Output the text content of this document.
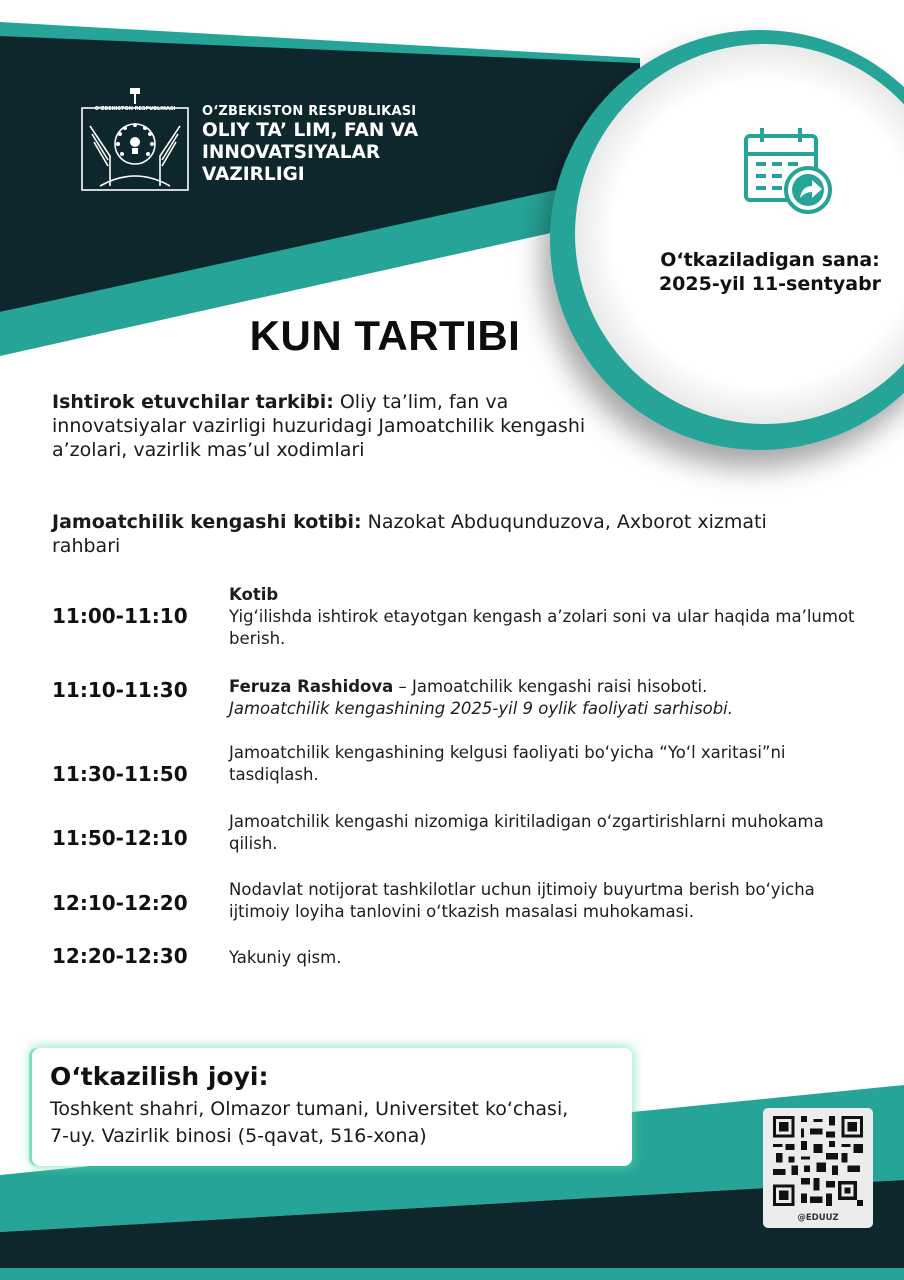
O‘ZBEKISTON RESPUBLIKASI O‘ZBEKISTON RESPUBLIKASI
OLIY TA’ LIM, FAN VA
INNOVATSIYALAR
VAZIRLIGI
O‘tkaziladigan sana:
2025-yil 11-sentyabr
KUN TARTIBI
Ishtirok etuvchilar tarkibi: Oliy ta’lim, fan va innovatsiyalar vazirligi huzuridagi Jamoatchilik kengashi a’zolari, vazirlik mas’ul xodimlari
Jamoatchilik kengashi kotibi: Nazokat Abduqunduzova, Axborot xizmati rahbari
11:00-11:10
Kotib
Yig‘ilishda ishtirok etayotgan kengash a’zolari soni va ular haqida ma’lumot berish.
11:10-11:30	Feruza Rashidova – Jamoatchilik kengashi raisi hisoboti.
Jamoatchilik kengashining 2025-yil 9 oylik faoliyati sarhisobi.
11:30-11:50
Jamoatchilik kengashining kelgusi faoliyati bo‘yicha “Yo‘l xaritasi”ni tasdiqlash.
11:50-12:10
Jamoatchilik kengashi nizomiga kiritiladigan o‘zgartirishlarni muhokama qilish.
12:10-12:20
Nodavlat notijorat tashkilotlar uchun ijtimoiy buyurtma berish bo‘yicha ijtimoiy loyiha tanlovini o‘tkazish masalasi muhokamasi.
12:20-12:30	Yakuniy qism.
O‘tkazilish joyi:
Toshkent shahri, Olmazor tumani, Universitet ko‘chasi,
7-uy. Vazirlik binosi (5-qavat, 516-xona)
@EDUUZ
